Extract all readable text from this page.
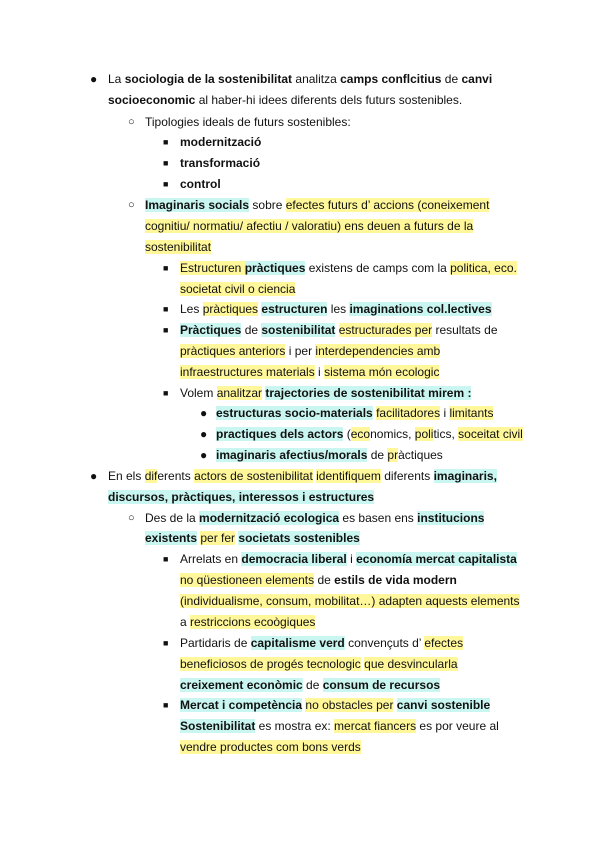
●
○
■
■
■
○
■
■
■
■
●
●
●
●
○
■
■
■
La sociologia de la sostenibilitat analitza camps conflcitius de canvi
socioeconomic al haber-hi idees diferents dels futurs sostenibles.
Tipologies ideals de futurs sostenibles:
modernització
transformació
control
Imaginaris socials sobre efectes futurs d’ accions (coneixement
cognitiu/ normatiu/ afectiu / valoratiu) ens deuen a futurs de la
sostenibilitat
Estructuren pràctiques existens de camps com la politica, eco.
societat civil o ciencia
Les pràctiques estructuren les imaginations col.lectives
Pràctiques de sostenibilitat estructurades per resultats de
pràctiques anteriors i per interdependencies amb
infraestructures materials i sistema món ecologic
Volem analitzar trajectories de sostenibilitat mirem :
estructuras socio-materials facilitadores i limitants
practiques dels actors (economics, politics, soceitat civil
imaginaris afectius/morals de pràctiques
En els diferents actors de sostenibilitat identifiquem diferents imaginaris,
discursos, pràctiques, interessos i estructures
Des de la modernització ecologica es basen ens institucions
existents per fer societats sostenibles
Arrelats en democracia liberal i economía mercat capitalista
no qüestioneen elements de estils de vida modern
(individualisme, consum, mobilitat…) adapten aquests elements
a restriccions ecoògiques
Partidaris de capitalisme verd convençuts d’ efectes
beneficiosos de progés tecnologic que desvincularla
creixement econòmic de consum de recursos
Mercat i competència no obstacles per canvi sostenible
Sostenibilitat es mostra ex: mercat fiancers es por veure al
vendre productes com bons verds
